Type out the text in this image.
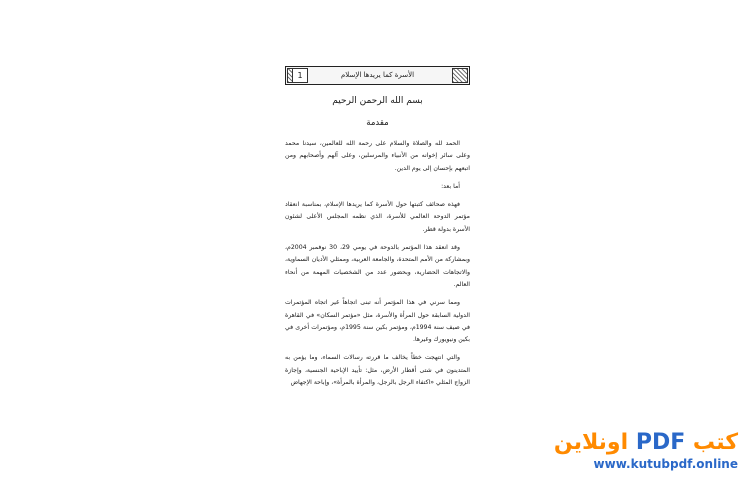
1	الأسرة كما يريدها الإسلام
بسم الله الرحمن الرحيم
مقدمة

الحمد لله والصلاة والسلام على رحمة الله للعالمين، سيدنا محمد وعلى سائر إخوانه من الأنبياء والمرسلين، وعلى آلهم وأصحابهم ومن اتبعهم بإحسان إلى يوم الدين.

أما بعد:

فهذه صحائف كتبتها حول الأسرة كما يريدها الإسلام، بمناسبة انعقاد مؤتمر الدوحة العالمي للأسرة، الذي نظمه المجلس الأعلى لشئون الأسرة بدولة قطر.

وقد انعقد هذا المؤتمر بالدوحة في يومي 29، 30 نوفمبر 2004م، وبمشاركة من الأمم المتحدة، والجامعة العربية، وممثلي الأديان السماوية، والاتجاهات الحضارية، وبحضور عدد من الشخصيات المهمة من أنحاء العالم.

ومما سرني في هذا المؤتمر أنه تبنى اتجاهاً غير اتجاه المؤتمرات الدولية السابقة حول المرأة والأسرة، مثل «مؤتمر السكان» في القاهرة في صيف سنة 1994م، ومؤتمر بكين سنة 1995م، ومؤتمرات أخرى في بكين ونيويورك وغيرها.

والتي انتهجت خطاً يخالف ما قررته رسالات السماء، وما يؤمن به المتدينون في شتى أقطار الأرض، مثل: تأييد الإباحية الجنسية، وإجازة الزواج المثلي «اكتفاء الرجل بالرجل، والمرأة بالمرأة»، وإباحة الإجهاض

كتب PDF اونلاين
www.kutubpdf.online
